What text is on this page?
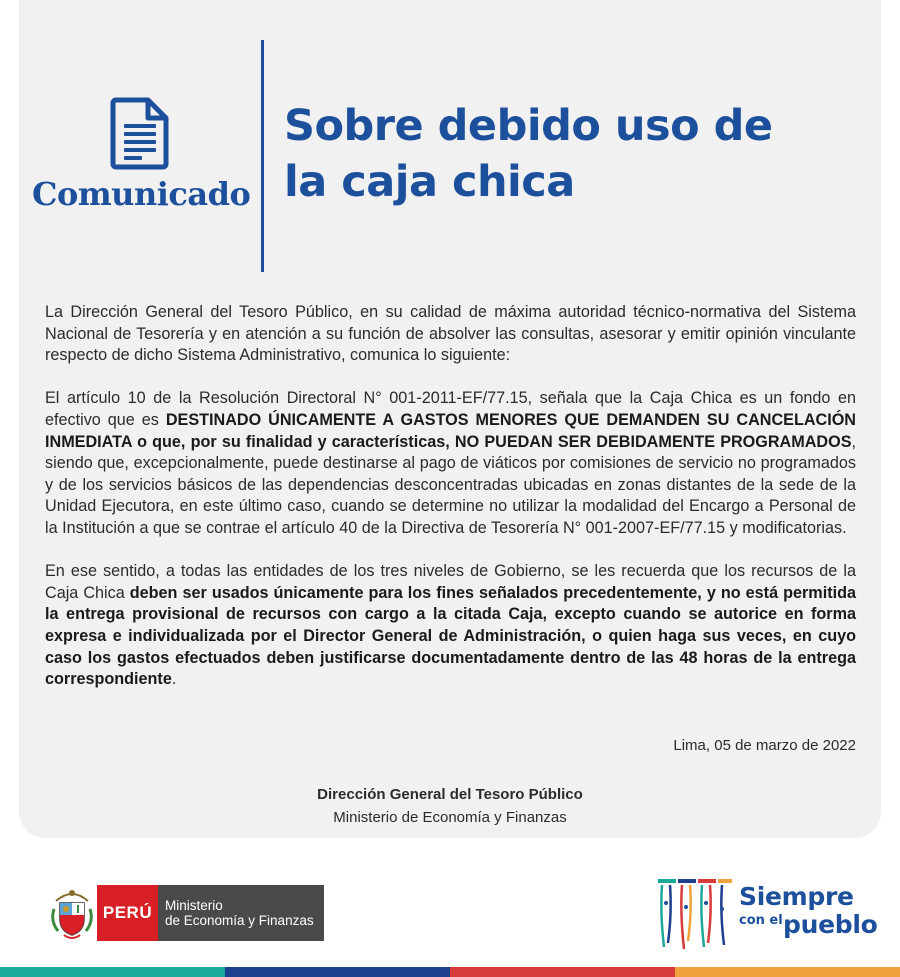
Comunicado
Sobre debido uso de
la caja chica

La Dirección General del Tesoro Público, en su calidad de máxima autoridad técnico-normativa del Sistema Nacional de Tesorería y en atención a su función de absolver las consultas, asesorar y emitir opinión vinculante respecto de dicho Sistema Administrativo, comunica lo siguiente:

El artículo 10 de la Resolución Directoral N° 001-2011-EF/77.15, señala que la Caja Chica es un fondo en efectivo que es DESTINADO ÚNICAMENTE A GASTOS MENORES QUE DEMANDEN SU CANCELACIÓN INMEDIATA o que, por su finalidad y características, NO PUEDAN SER DEBIDAMENTE PROGRAMADOS, siendo que, excepcionalmente, puede destinarse al pago de viáticos por comisiones de servicio no programados y de los servicios básicos de las dependencias desconcentradas ubicadas en zonas distantes de la sede de la Unidad Ejecutora, en este último caso, cuando se determine no utilizar la modalidad del Encargo a Personal de la Institución a que se contrae el artículo 40 de la Directiva de Tesorería N° 001-2007-EF/77.15 y modificatorias.

En ese sentido, a todas las entidades de los tres niveles de Gobierno, se les recuerda que los recursos de la Caja Chica deben ser usados únicamente para los fines señalados precedentemente, y no está permitida la entrega provisional de recursos con cargo a la citada Caja, excepto cuando se autorice en forma expresa e individualizada por el Director General de Administración, o quien haga sus veces, en cuyo caso los gastos efectuados deben justificarse documentadamente dentro de las 48 horas de la entrega correspondiente.

Lima, 05 de marzo de 2022
Dirección General del Tesoro Público
Ministerio de Economía y Finanzas
PERÚ Ministerio
de Economía y Finanzas
Siempre
con el pueblo
